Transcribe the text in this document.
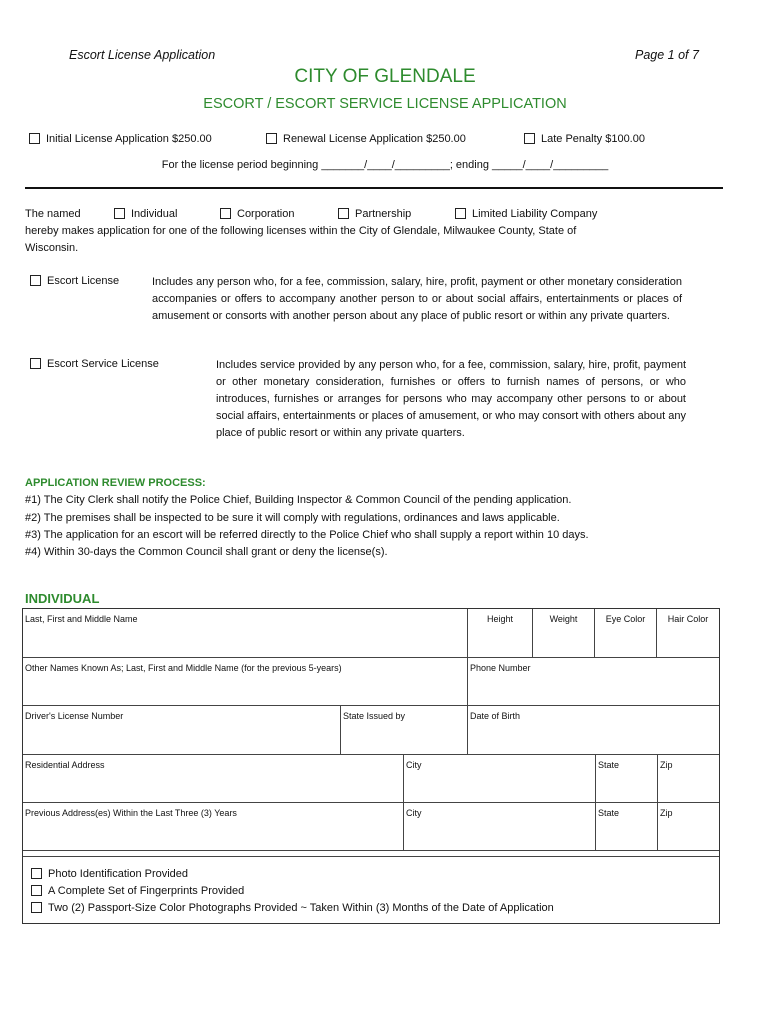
Escort License Application	Page 1 of 7
CITY OF GLENDALE
ESCORT / ESCORT SERVICE LICENSE APPLICATION
Initial License Application $250.00	Renewal License Application $250.00	Late Penalty $100.00
For the license period beginning _______/____/_________; ending _____/____/_________
The named	Individual	Corporation	Partnership	Limited Liability Company
hereby makes application for one of the following licenses within the City of Glendale, Milwaukee County, State of
Wisconsin.
Escort License	Includes any person who, for a fee, commission, salary, hire, profit, payment or other monetary consideration accompanies or offers to accompany another person to or about social affairs, entertainments or places of amusement or consorts with another person about any place of public resort or within any private quarters.
Escort Service License	Includes service provided by any person who, for a fee, commission, salary, hire, profit, payment or other monetary consideration, furnishes or offers to furnish names of persons, or who introduces, furnishes or arranges for persons who may accompany other persons to or about social affairs, entertainments or places of amusement, or who may consort with others about any place of public resort or within any private quarters.
APPLICATION REVIEW PROCESS:
#1) The City Clerk shall notify the Police Chief, Building Inspector & Common Council of the pending application.
#2) The premises shall be inspected to be sure it will comply with regulations, ordinances and laws applicable.
#3) The application for an escort will be referred directly to the Police Chief who shall supply a report within 10 days.
#4) Within 30-days the Common Council shall grant or deny the license(s).
INDIVIDUAL
Last, First and Middle Name	Height	Weight	Eye Color	Hair Color
Other Names Known As; Last, First and Middle Name (for the previous 5-years)	Phone Number
Driver's License Number	State Issued by	Date of Birth
Residential Address	City	State	Zip
Previous Address(es) Within the Last Three (3) Years	City	State	Zip
Photo Identification Provided
A Complete Set of Fingerprints Provided
Two (2) Passport-Size Color Photographs Provided ~ Taken Within (3) Months of the Date of Application
